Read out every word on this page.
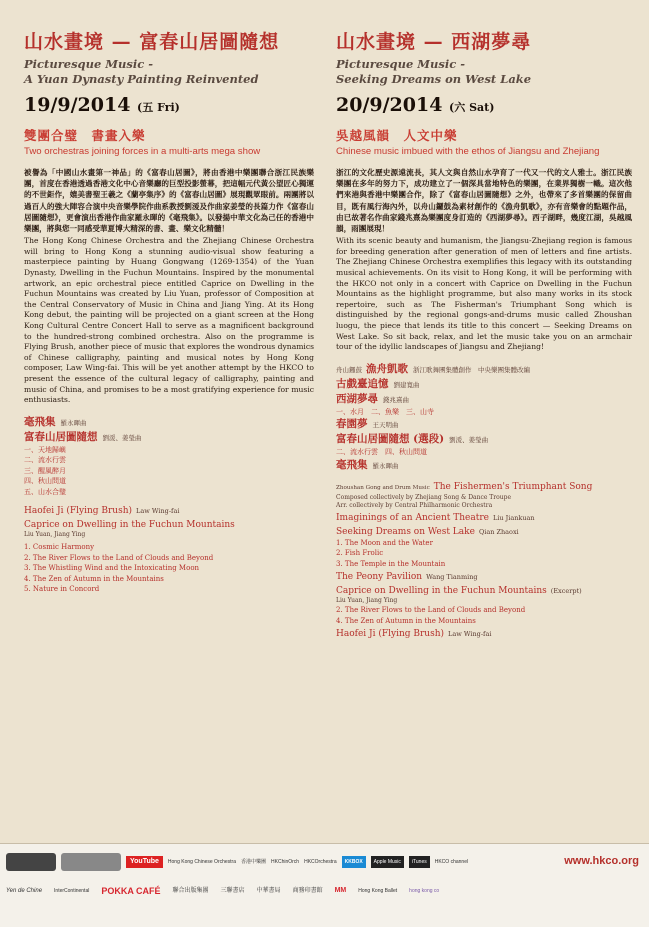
山水畫境 — 富春山居圖隨想
Picturesque Music -
A Yuan Dynasty Painting Reinvented
19/9/2014 (五 Fri)
雙團合璧　書畫入樂
Two orchestras joining forces in a multi-arts mega show
被譽為「中國山水畫第一神品」的《富春山居圖》，將由香港中樂團聯合浙江民族樂團，首度在香港透過香港文化中心音樂廳的巨型投影螢幕，把這幅元代黃公望匠心獨運的不世鉅作，媲美書聖王羲之《蘭亭集序》的《富春山居圖》展現觀眾眼前。兩團將以過百人的強大陣容合演中央音樂學院作曲系教授劉湲及作曲家姜瑩的長篇力作《富春山居圖隨想》，更會演出香港作曲家羅永暉的《毫飛集》。以發揚中華文化為己任的香港中樂團，將與您一同感受華夏博大精深的書、畫、樂文化精髓！
The Hong Kong Chinese Orchestra and the Zhejiang Chinese Orchestra will bring to Hong Kong a stunning audio-visual show featuring a masterpiece painting by Huang Gongwang (1269-1354) of the Yuan Dynasty, Dwelling in the Fuchun Mountains. Inspired by the monumental artwork, an epic orchestral piece entitled Caprice on Dwelling in the Fuchun Mountains was created by Liu Yuan, professor of Composition at the Central Conservatory of Music in China and Jiang Ying. At its Hong Kong debut, the painting will be projected on a giant screen at the Hong Kong Cultural Centre Concert Hall to serve as a magnificent background to the hundred-strong combined orchestra. Also on the programme is Flying Brush, another piece of music that explores the wondrous dynamics of Chinese calligraphy, painting and musical notes by Hong Kong composer, Law Wing-fai. This will be yet another attempt by the HKCO to present the essence of the cultural legacy of calligraphy, painting and music of China, and promises to be a most gratifying experience for music enthusiasts.
毫飛集 羅永暉曲
富春山居圖隨想 劉湲、姜瑩曲
一、天地歸嶼
二、流水行雲
三、醒風醉月
四、秋山問道
五、山水合璧
Haofei Ji (Flying Brush) Law Wing-fai
Caprice on Dwelling in the Fuchun Mountains
Liu Yuan, Jiang Ying
1. Cosmic Harmony
2. The River Flows to the Land of Clouds and Beyond
3. The Whistling Wind and the Intoxicating Moon
4. The Zen of Autumn in the Mountains
5. Nature in Concord
山水畫境 — 西湖夢尋
Picturesque Music -
Seeking Dreams on West Lake
20/9/2014 (六 Sat)
吳越風韻　人文中樂
Chinese music imbued with the ethos of Jiangsu and Zhejiang
浙江的文化歷史源遠流長，其人文與自然山水孕育了一代又一代的文人雅士。浙江民族樂團在多年的努力下，成功建立了一個深具當地特色的樂團，在業界獨樹一幟。這次他們來港與香港中樂團合作，除了《富春山居圖隨想》之外，也帶來了多首樂團的保留曲目，既有風行海內外，以舟山鑼鼓為素材創作的《漁舟凱歌》，亦有音樂會的點題作品，由已故著名作曲家錢兆熹為樂團度身訂造的《西湖夢尋》。西子湖畔，幾度江湖，吳越風韻，雨團展現！
With its scenic beauty and humanism, the Jiangsu-Zhejiang region is famous for breeding generation after generation of men of letters and fine artists. The Zhejiang Chinese Orchestra exemplifies this legacy with its outstanding musical achievements. On its visit to Hong Kong, it will be performing with the HKCO not only in a concert with Caprice on Dwelling in the Fuchun Mountains as the highlight programme, but also many works in its stock repertoire, such as The Fisherman's Triumphant Song which is distinguished by the regional gongs-and-drums music called Zhoushan luogu, the piece that lends its title to this concert — Seeking Dreams on West Lake. So sit back, relax, and let the music take you on an armchair tour of the idyllic landscapes of Jiangsu and Zhejiang!
舟山鑼鼓 漁舟凱歌 浙江歌舞團集體創作　中央樂團集體改編
古戲臺追憶 劉建寬曲
西湖夢尋 錢兆熹曲
一、水月　二、魚樂　三、山寺
春園夢 王天明曲
富春山居圖隨想 (選段) 劉湲、姜瑩曲
二、流水行雲　四、秋山問道
毫飛集 羅永暉曲
Zhoushan Gong and Drum Music The Fishermen's Triumphant Song
Composed collectively by Zhejiang Song & Dance Troupe
Arr. collectively by Central Philharmonic Orchestra
Imaginings of an Ancient Theatre Liu Jiankuan
Seeking Dreams on West Lake Qian Zhaoxi
1. The Moon and the Water
2. Fish Frolic
3. The Temple in the Mountain
The Peony Pavilion Wang Tianming
Caprice on Dwelling in the Fuchun Mountains (Excerpt)
Liu Yuan, Jiang Ying
2. The River Flows to the Land of Clouds and Beyond
4. The Zen of Autumn in the Mountains
Haofei Ji (Flying Brush) Law Wing-fai
YouTube	Hong Kong Chinese Orchestra 香港中樂團 HKChinOrch HKCOrchestra	KKBOX	Apple Music	iTunes	HKCO channel	www.hkco.org
Yen de Chine InterContinental POKKA CAFÉ 聯合出版集團 三聯書店 中華書局 商務印書館 MM Hong Kong Ballet hong kong co
